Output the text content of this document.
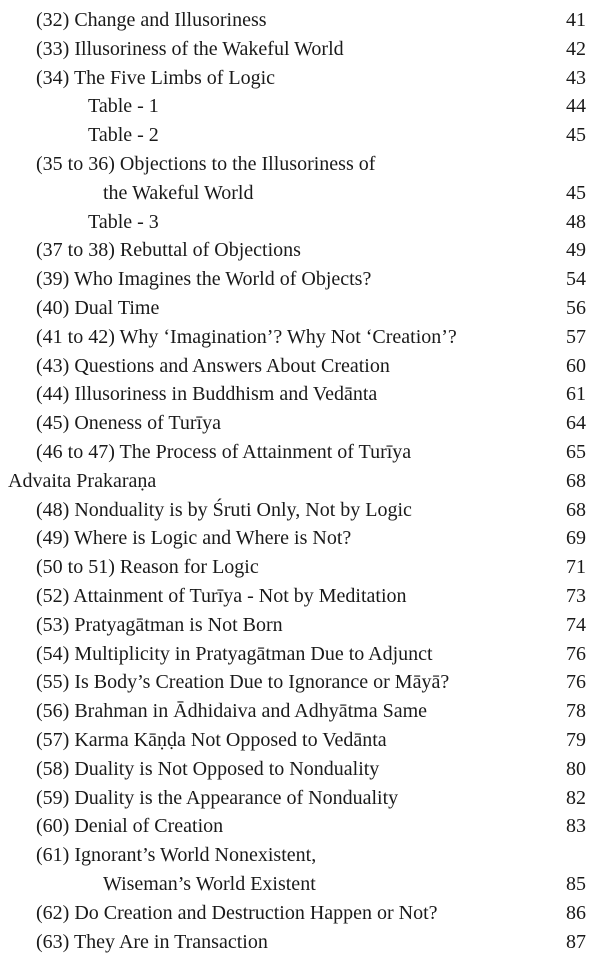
(32) Change and Illusoriness	41
(33) Illusoriness of the Wakeful World	42
(34) The Five Limbs of Logic	43
Table - 1	44
Table - 2	45
(35 to 36) Objections to the Illusoriness of
the Wakeful World	45
Table - 3	48
(37 to 38) Rebuttal of Objections	49
(39) Who Imagines the World of Objects?	54
(40) Dual Time	56
(41 to 42) Why ‘Imagination’? Why Not ‘Creation’?	57
(43) Questions and Answers About Creation	60
(44) Illusoriness in Buddhism and Vedānta	61
(45) Oneness of Turīya	64
(46 to 47) The Process of Attainment of Turīya	65
Advaita Prakaraṇa	68
(48) Nonduality is by Śruti Only, Not by Logic	68
(49) Where is Logic and Where is Not?	69
(50 to 51) Reason for Logic	71
(52) Attainment of Turīya - Not by Meditation	73
(53) Pratyagātman is Not Born	74
(54) Multiplicity in Pratyagātman Due to Adjunct	76
(55) Is Body’s Creation Due to Ignorance or Māyā?	76
(56) Brahman in Ādhidaiva and Adhyātma Same	78
(57) Karma Kāṇḍa Not Opposed to Vedānta	79
(58) Duality is Not Opposed to Nonduality	80
(59) Duality is the Appearance of Nonduality	82
(60) Denial of Creation	83
(61) Ignorant’s World Nonexistent,
Wiseman’s World Existent	85
(62) Do Creation and Destruction Happen or Not?	86
(63) They Are in Transaction	87
